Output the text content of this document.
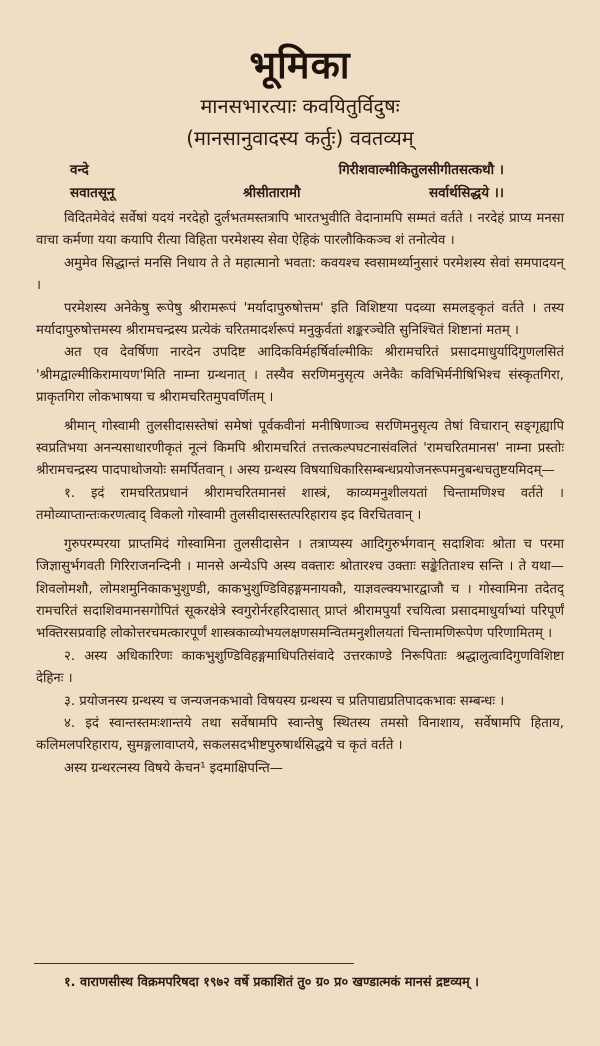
भूमिका
मानसभारत्याः कवयितुर्विदुषः
(मानसानुवादस्य कर्तुः) ववतव्यम्
वन्दे	गिरीशवाल्मीकितुलसीगीतसत्कथौ ।
सवातसूनू	श्रीसीतारामौ	सर्वार्थसिद्धये ।।

विदितमेवेदं सर्वेषां यदयं नरदेहो दुर्लभतमस्तत्रापि भारतभुवीति वेदानामपि सम्मतं वर्तते । नरदेहं प्राप्य मनसा वाचा कर्मणा यया कयापि रीत्या विहिता परमेशस्य सेवा ऐहिकं पारलौकिकञ्च शं तनोत्येव ।

अमुमेव सिद्धान्तं मनसि निधाय ते ते महात्मानो भवता: कवयश्च स्वसामर्थ्यानुसारं परमेशस्य सेवां समपादयन् ।

परमेशस्य अनेकेषु रूपेषु श्रीरामरूपं 'मर्यादापुरुषोत्तम' इति विशिष्टया पदव्या समलङ्कृतं वर्तते । तस्य मर्यादापुरुषोत्तमस्य श्रीरामचन्द्रस्य प्रत्येकं चरितमादर्शरूपं मनुकुर्वतां शङ्करञ्चेति सुनिश्चितं शिष्टानां मतम् ।

अत एव देवर्षिणा नारदेन उपदिष्ट आदिकविर्महर्षिर्वाल्मीकिः श्रीरामचरितं प्रसादमाधुर्यादिगुणलसितं 'श्रीमद्वाल्मीकिरामायण'मिति नाम्ना ग्रन्थनात् । तस्यैव सरणिमनुसृत्य अनेकैः कविभिर्मनीषिभिश्च संस्कृतगिरा, प्राकृतगिरा लोकभाषया च श्रीरामचरितमुपवर्णितम् ।

श्रीमान् गोस्वामी तुलसीदासस्तेषां समेषां पूर्वकवीनां मनीषिणाञ्च सरणिमनुसृत्य तेषां विचारान् सङ्गृह्यापि स्वप्रतिभया अनन्यसाधारणीकृतं नूत्नं किमपि श्रीरामचरितं तत्तत्कल्पघटनासंवलितं 'रामचरितमानस' नाम्ना प्रस्तोः श्रीरामचन्द्रस्य पादपाथोजयोः समर्पितवान् । अस्य ग्रन्थस्य विषयाधिकारिसम्बन्धप्रयोजनरूपमनुबन्धचतुष्टयमिदम्—

१. इदं रामचरितप्रधानं श्रीरामचरितमानसं शास्त्रं, काव्यमनुशीलयतां चिन्तामणिश्च वर्तते । तमोव्याप्तान्तःकरणत्वाद् विकलो गोस्वामी तुलसीदासस्तत्परिहाराय इद विरचितवान् ।

गुरुपरम्परया प्राप्तमिदं गोस्वामिना तुलसीदासेन । तत्राप्यस्य आदिगुरुर्भगवान् सदाशिवः श्रोता च परमा जिज्ञासुर्भगवती गिरिराजनन्दिनी । मानसे अन्येऽपि अस्य वक्तारः श्रोतारश्च उक्ताः सङ्केतिताश्च सन्ति । ते यथा— शिवलोमशौ, लोमशमुनिकाकभुशुण्डी, काकभुशुण्डिविहङ्गमनायकौ, याज्ञवल्क्यभारद्वाजौ च । गोस्वामिना तदेतद् रामचरितं सदाशिवमानसगोपितं सूकरक्षेत्रे स्वगुरोर्नरहरिदासात् प्राप्तं श्रीरामपुर्यां रचयित्वा प्रसादमाधुर्याभ्यां परिपूर्णं भक्तिरसप्रवाहि लोकोत्तरचमत्कारपूर्णं शास्त्रकाव्योभयलक्षणसमन्वितमनुशीलयतां चिन्तामणिरूपेण परिणामितम् ।

२. अस्य अधिकारिणः काकभुशुण्डिविहङ्गमाधिपतिसंवादे उत्तरकाण्डे निरूपिताः श्रद्धालुत्वादिगुणविशिष्टा देहिनः ।

३. प्रयोजनस्य ग्रन्थस्य च जन्यजनकभावो विषयस्य ग्रन्थस्य च प्रतिपाद्यप्रतिपादकभावः सम्बन्धः ।

४. इदं स्वान्तस्तमःशान्तये तथा सर्वेषामपि स्वान्तेषु स्थितस्य तमसो विनाशाय, सर्वेषामपि हिताय, कलिमलपरिहाराय, सुमङ्गलावाप्तये, सकलसदभीष्टपुरुषार्थसिद्धये च कृतं वर्तते ।

अस्य ग्रन्थरत्नस्य विषये केचन¹ इदमाक्षिपन्ति—

१. वाराणसीस्थ विक्रमपरिषदा १९७२ वर्षे प्रकाशितं तु० ग्र० प्र० खण्डात्मकं मानसं द्रष्टव्यम् ।
